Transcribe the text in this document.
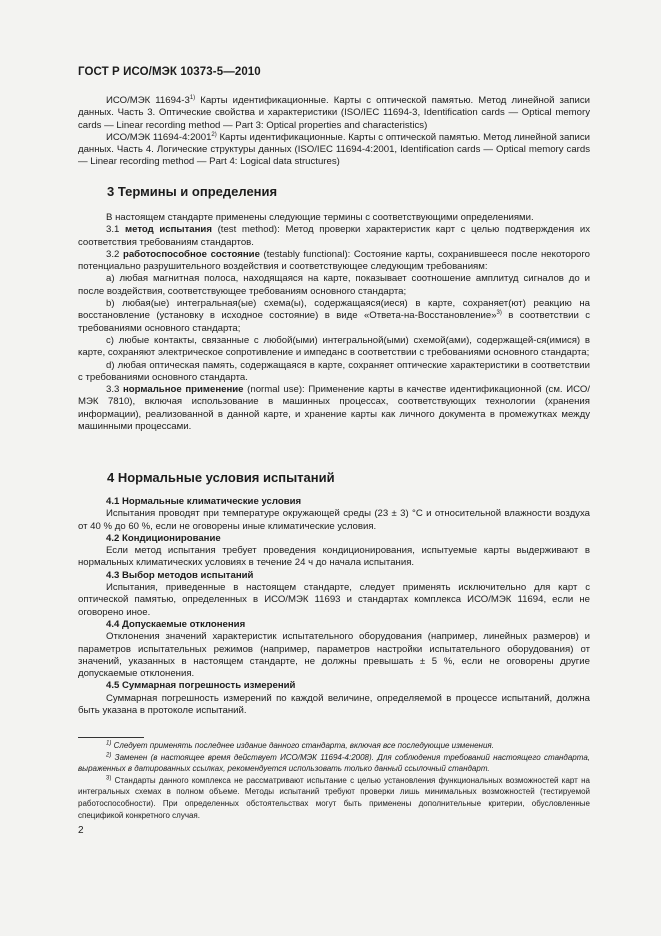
ГОСТ Р ИСО/МЭК 10373-5—2010

ИСО/МЭК 11694-3$^{1)}$ Карты идентификационные. Карты с оптической памятью. Метод линейной записи данных. Часть 3. Оптические свойства и характеристики (ISO/IEC 11694-3, Identification cards — Optical memory cards — Linear recording method — Part 3: Optical properties and characteristics)

ИСО/МЭК 11694-4:2001$^{2)}$ Карты идентификационные. Карты с оптической памятью. Метод линейной записи данных. Часть 4. Логические структуры данных (ISO/IEC 11694-4:2001, Identification cards — Optical memory cards — Linear recording method — Part 4: Logical data structures)

3 Термины и определения

В настоящем стандарте применены следующие термины с соответствующими определениями.

3.1 метод испытания (test method): Метод проверки характеристик карт с целью подтверждения их соответствия требованиям стандартов.

3.2 работоспособное состояние (testably functional): Состояние карты, сохранившееся после некоторого потенциально разрушительного воздействия и соответствующее следующим требованиям:

a) любая магнитная полоса, находящаяся на карте, показывает соотношение амплитуд сигналов до и после воздействия, соответствующее требованиям основного стандарта;

b) любая(ые) интегральная(ые) схема(ы), содержащаяся(иеся) в карте, сохраняет(ют) реакцию на восстановление (установку в исходное состояние) в виде «Ответа-на-Восстановление»$^{3)}$ в соответствии с требованиями основного стандарта;

c) любые контакты, связанные с любой(ыми) интегральной(ыми) схемой(ами), содержащей-ся(имися) в карте, сохраняют электрическое сопротивление и импеданс в соответствии с требованиями основного стандарта;

d) любая оптическая память, содержащаяся в карте, сохраняет оптические характеристики в соответствии с требованиями основного стандарта.

3.3 нормальное применение (normal use): Применение карты в качестве идентификационной (см. ИСО/МЭК 7810), включая использование в машинных процессах, соответствующих технологии (хранения информации), реализованной в данной карте, и хранение карты как личного документа в промежутках между машинными процессами.

4 Нормальные условия испытаний

4.1 Нормальные климатические условия

Испытания проводят при температуре окружающей среды (23 ± 3) °С и относительной влажности воздуха от 40 % до 60 %, если не оговорены иные климатические условия.

4.2 Кондиционирование

Если метод испытания требует проведения кондиционирования, испытуемые карты выдерживают в нормальных климатических условиях в течение 24 ч до начала испытания.

4.3 Выбор методов испытаний

Испытания, приведенные в настоящем стандарте, следует применять исключительно для карт с оптической памятью, определенных в ИСО/МЭК 11693 и стандартах комплекса ИСО/МЭК 11694, если не оговорено иное.

4.4 Допускаемые отклонения

Отклонения значений характеристик испытательного оборудования (например, линейных размеров) и параметров испытательных режимов (например, параметров настройки испытательного оборудования) от значений, указанных в настоящем стандарте, не должны превышать ± 5 %, если не оговорены другие допускаемые отклонения.

4.5 Суммарная погрешность измерений

Суммарная погрешность измерений по каждой величине, определяемой в процессе испытаний, должна быть указана в протоколе испытаний.

$^{1)}$ Следует применять последнее издание данного стандарта, включая все последующие изменения.

$^{2)}$ Заменен (в настоящее время действует ИСО/МЭК 11694-4:2008). Для соблюдения требований настоящего стандарта, выраженных в датированных ссылках, рекомендуется использовать только данный ссылочный стандарт.

$^{3)}$ Стандарты данного комплекса не рассматривают испытание с целью установления функциональных возможностей карт на интегральных схемах в полном объеме. Методы испытаний требуют проверки лишь минимальных возможностей (тестируемой работоспособности). При определенных обстоятельствах могут быть применены дополнительные критерии, обусловленные спецификой конкретного случая.

2
